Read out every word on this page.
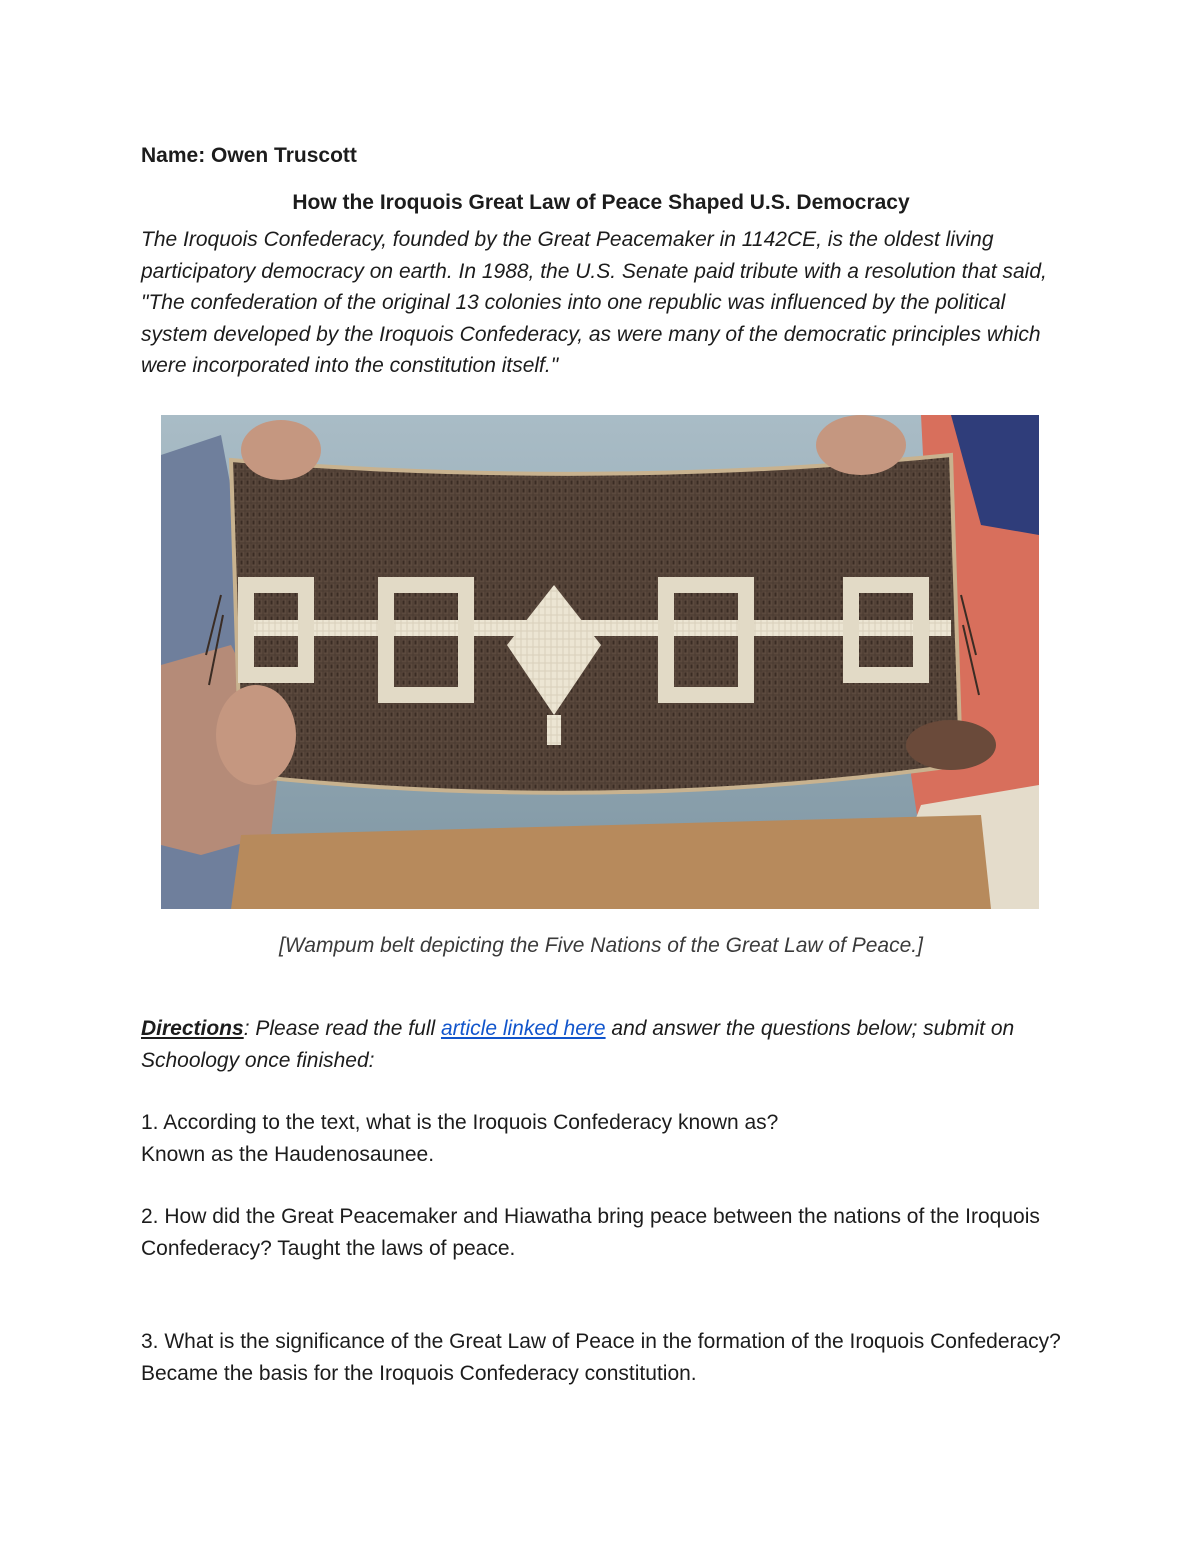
Name: Owen Truscott

How the Iroquois Great Law of Peace Shaped U.S. Democracy

The Iroquois Confederacy, founded by the Great Peacemaker in 1142CE, is the oldest living participatory democracy on earth. In 1988, the U.S. Senate paid tribute with a resolution that said, "The confederation of the original 13 colonies into one republic was influenced by the political system developed by the Iroquois Confederacy, as were many of the democratic principles which were incorporated into the constitution itself."

[Wampum belt depicting the Five Nations of the Great Law of Peace.]

Directions: Please read the full article linked here and answer the questions below; submit on Schoology once finished:

1. According to the text, what is the Iroquois Confederacy known as?
Known as the Haudenosaunee.

2. How did the Great Peacemaker and Hiawatha bring peace between the nations of the Iroquois Confederacy? Taught the laws of peace.

3. What is the significance of the Great Law of Peace in the formation of the Iroquois Confederacy? Became the basis for the Iroquois Confederacy constitution.
